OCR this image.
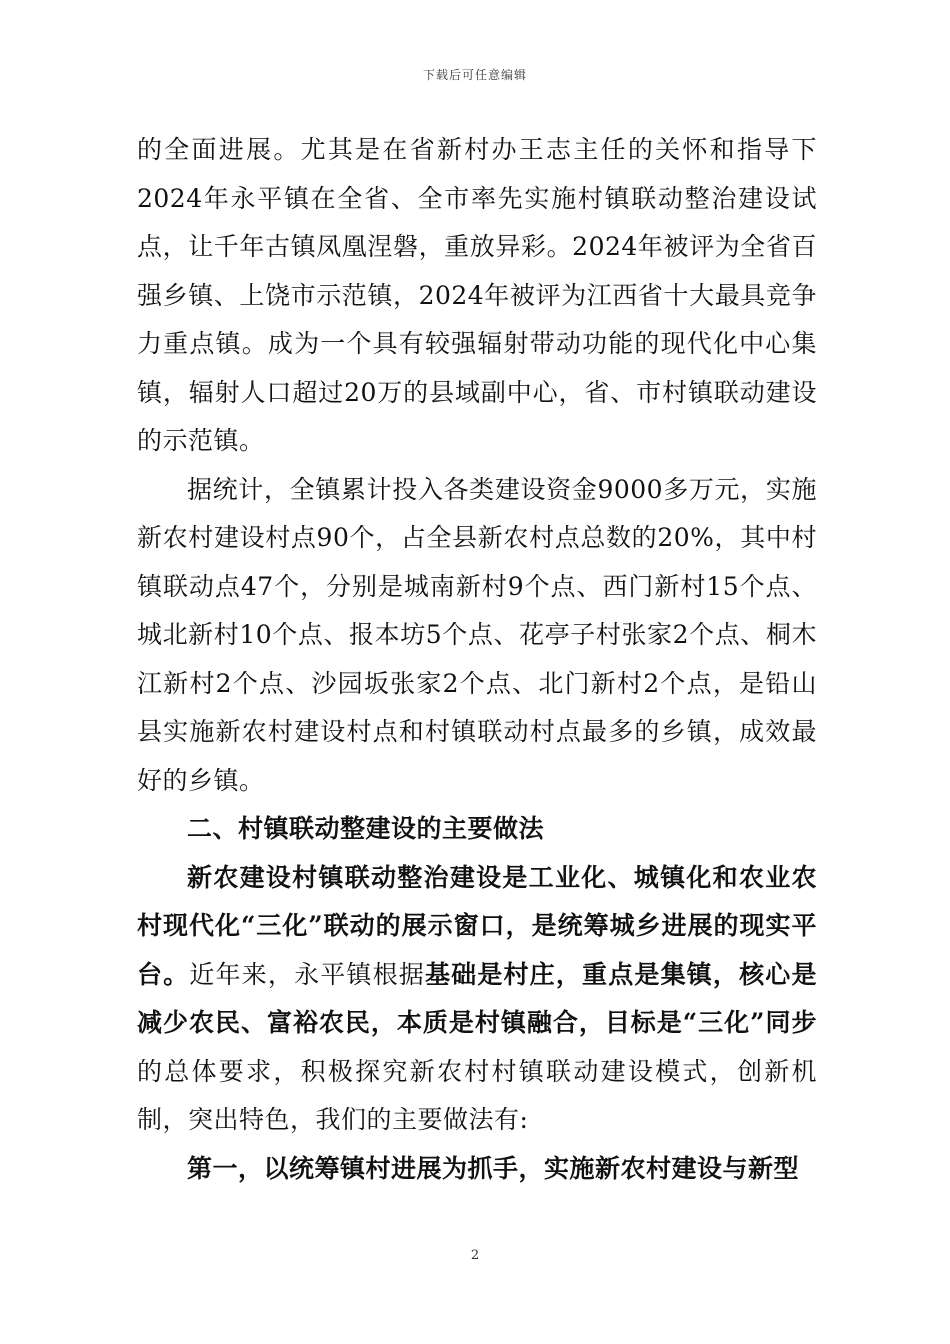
下载后可任意编辑

的全面进展。尤其是在省新村办王志主任的关怀和指导下2024年永平镇在全省、全市率先实施村镇联动整治建设试点，让千年古镇凤凰涅磐，重放异彩。2024年被评为全省百强乡镇、上饶市示范镇，2024年被评为江西省十大最具竞争力重点镇。成为一个具有较强辐射带动功能的现代化中心集镇，辐射人口超过20万的县域副中心，省、市村镇联动建设的示范镇。

据统计，全镇累计投入各类建设资金9000多万元，实施新农村建设村点90个，占全县新农村点总数的20%，其中村镇联动点47个，分别是城南新村9个点、西门新村15个点、城北新村10个点、报本坊5个点、花亭子村张家2个点、桐木江新村2个点、沙园坂张家2个点、北门新村2个点，是铅山县实施新农村建设村点和村镇联动村点最多的乡镇，成效最好的乡镇。

二、村镇联动整建设的主要做法

新农建设村镇联动整治建设是工业化、城镇化和农业农村现代化“三化”联动的展示窗口，是统筹城乡进展的现实平台。近年来，永平镇根据基础是村庄，重点是集镇，核心是减少农民、富裕农民，本质是村镇融合，目标是“三化”同步的总体要求，积极探究新农村村镇联动建设模式，创新机制，突出特色，我们的主要做法有:

第一，以统筹镇村进展为抓手，实施新农村建设与新型

2
